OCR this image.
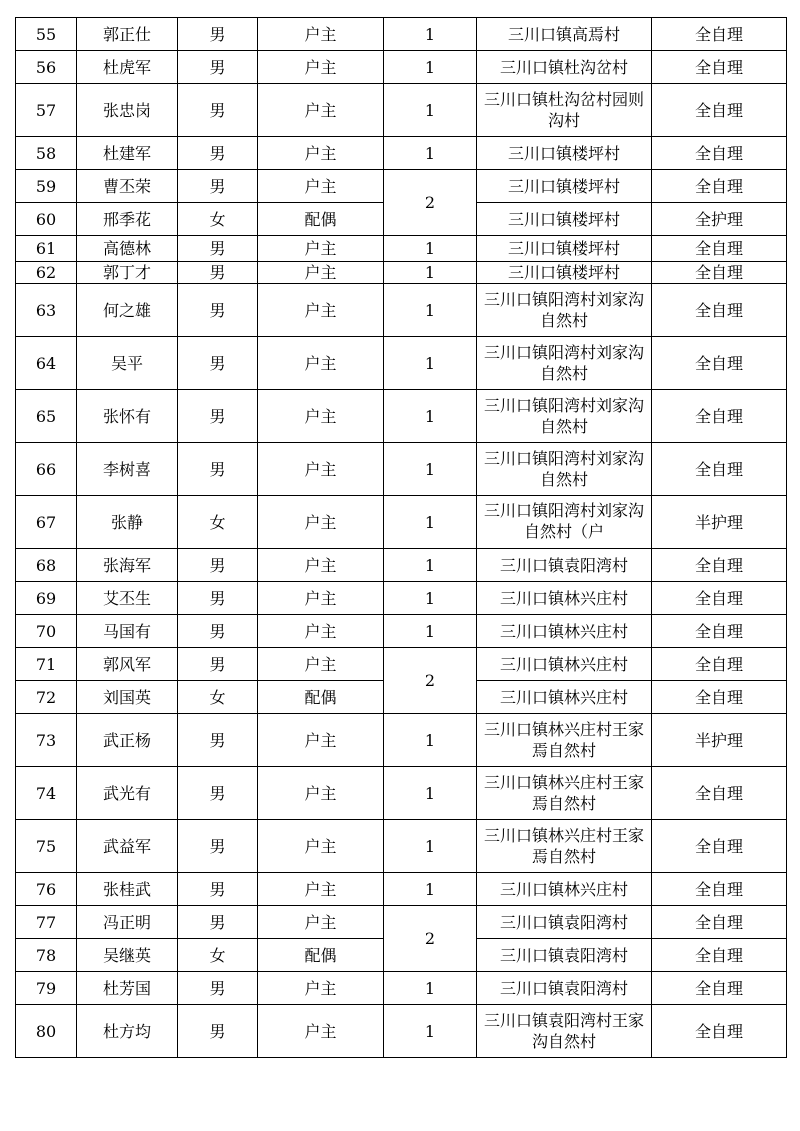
55	郭正仕	男	户主	1	三川口镇高焉村	全自理
56	杜虎军	男	户主	1	三川口镇杜沟岔村	全自理
57	张忠岗	男	户主	1	三川口镇杜沟岔村园则沟村	全自理
58	杜建军	男	户主	1	三川口镇楼坪村	全自理
59	曹丕荣	男	户主	2	三川口镇楼坪村	全自理
60	邢季花	女	配偶		三川口镇楼坪村	全护理
61	高德林	男	户主	1	三川口镇楼坪村	全自理
62	郭丁才	男	户主	1	三川口镇楼坪村	全自理
63	何之雄	男	户主	1	三川口镇阳湾村刘家沟自然村	全自理
64	吴平	男	户主	1	三川口镇阳湾村刘家沟自然村	全自理
65	张怀有	男	户主	1	三川口镇阳湾村刘家沟自然村	全自理
66	李树喜	男	户主	1	三川口镇阳湾村刘家沟自然村	全自理
67	张静	女	户主	1	三川口镇阳湾村刘家沟自然村（户	半护理
68	张海军	男	户主	1	三川口镇袁阳湾村	全自理
69	艾丕生	男	户主	1	三川口镇林兴庄村	全自理
70	马国有	男	户主	1	三川口镇林兴庄村	全自理
71	郭风军	男	户主	2	三川口镇林兴庄村	全自理
72	刘国英	女	配偶		三川口镇林兴庄村	全自理
73	武正杨	男	户主	1	三川口镇林兴庄村王家焉自然村	半护理
74	武光有	男	户主	1	三川口镇林兴庄村王家焉自然村	全自理
75	武益军	男	户主	1	三川口镇林兴庄村王家焉自然村	全自理
76	张桂武	男	户主	1	三川口镇林兴庄村	全自理
77	冯正明	男	户主	2	三川口镇袁阳湾村	全自理
78	吴继英	女	配偶		三川口镇袁阳湾村	全自理
79	杜芳国	男	户主	1	三川口镇袁阳湾村	全自理
80	杜方均	男	户主	1	三川口镇袁阳湾村王家沟自然村	全自理
